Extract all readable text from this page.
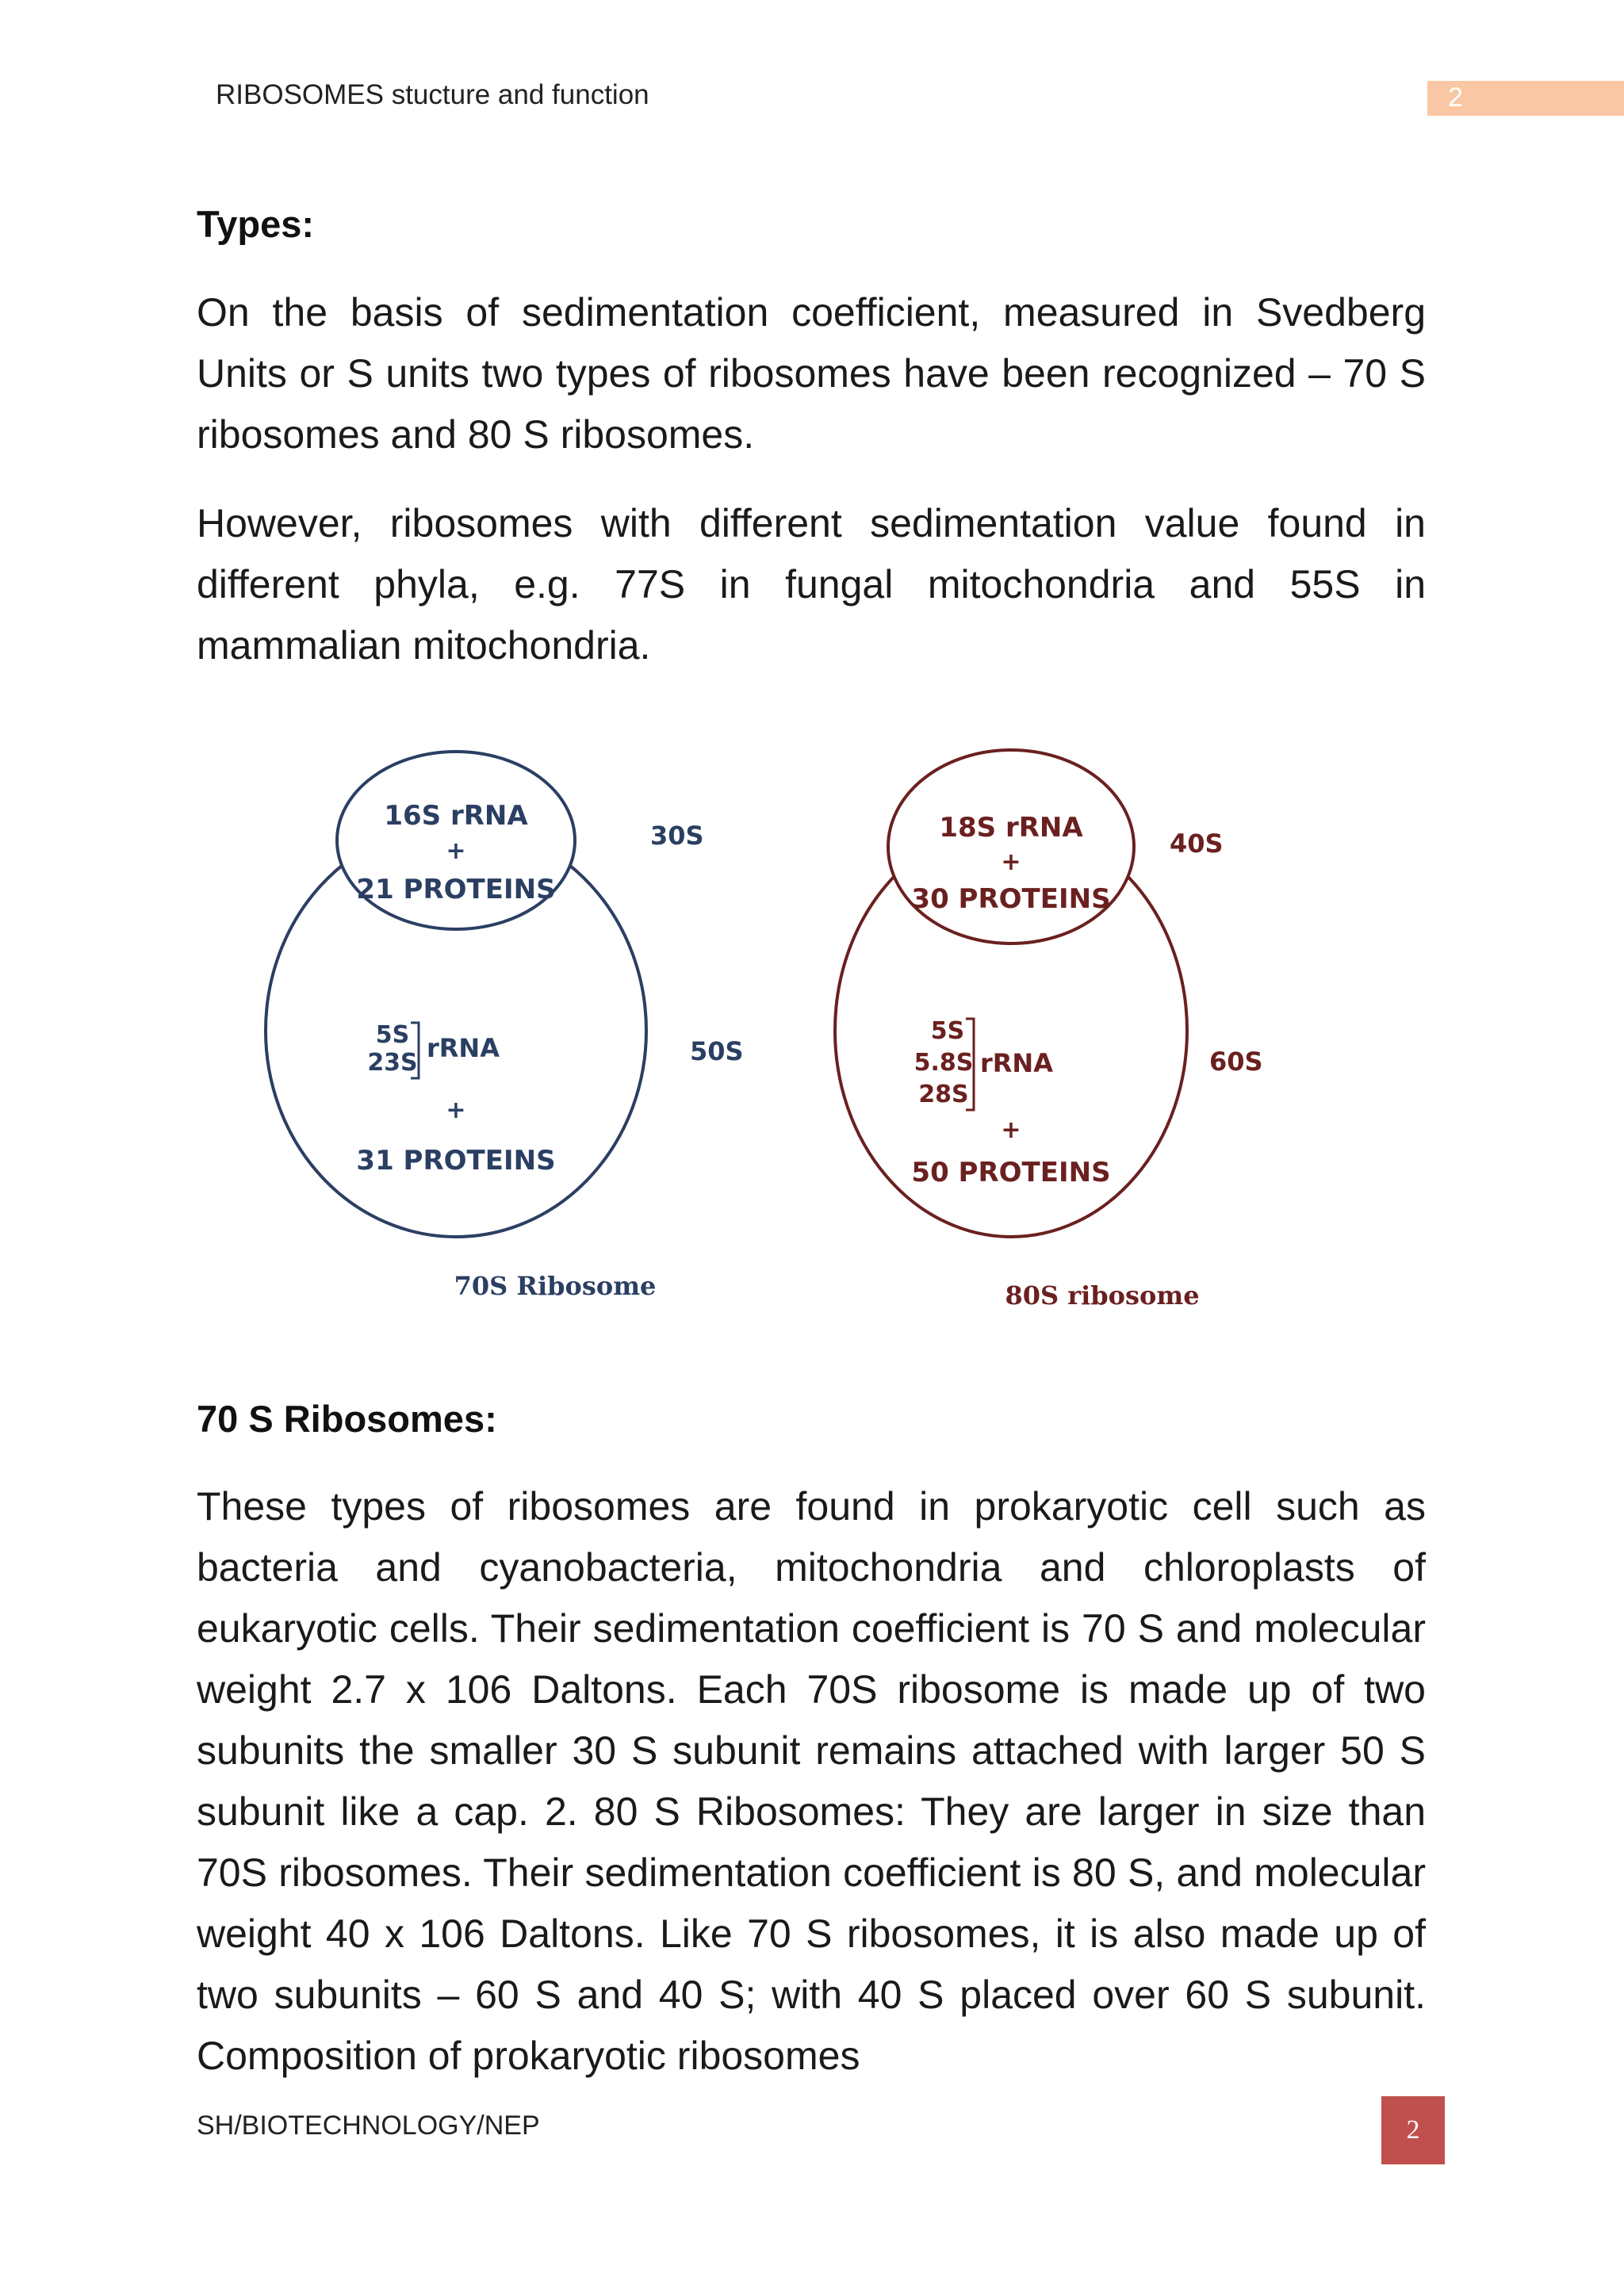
RIBOSOMES stucture and function	2
Types:
On the basis of sedimentation coefficient, measured in Svedberg Units or S units two types of ribosomes have been recognized – 70 S ribosomes and 80 S ribosomes.
However, ribosomes with different sedimentation value found in different phyla, e.g. 77S in fungal mitochondria and 55S in mammalian mitochondria.
16S rRNA
+
21 PROTEINS
30S
5S
23S rRNA
+
31 PROTEINS
50S
70S Ribosome
18S rRNA
+
30 PROTEINS
40S
5S
5.8S
28S
rRNA
+
50 PROTEINS
60S
80S ribosome
70 S Ribosomes:
These types of ribosomes are found in prokaryotic cell such as bacteria and cyanobacteria, mitochondria and chloroplasts of eukaryotic cells. Their sedimentation coefficient is 70 S and molecular weight 2.7 x 106 Daltons. Each 70S ribosome is made up of two subunits the smaller 30 S subunit remains attached with larger 50 S subunit like a cap. 2. 80 S Ribosomes: They are larger in size than 70S ribosomes. Their sedimentation coefficient is 80 S, and molecular weight 40 x 106 Daltons. Like 70 S ribosomes, it is also made up of two subunits – 60 S and 40 S; with 40 S placed over 60 S subunit. Composition of prokaryotic ribosomes
SH/BIOTECHNOLOGY/NEP	2
